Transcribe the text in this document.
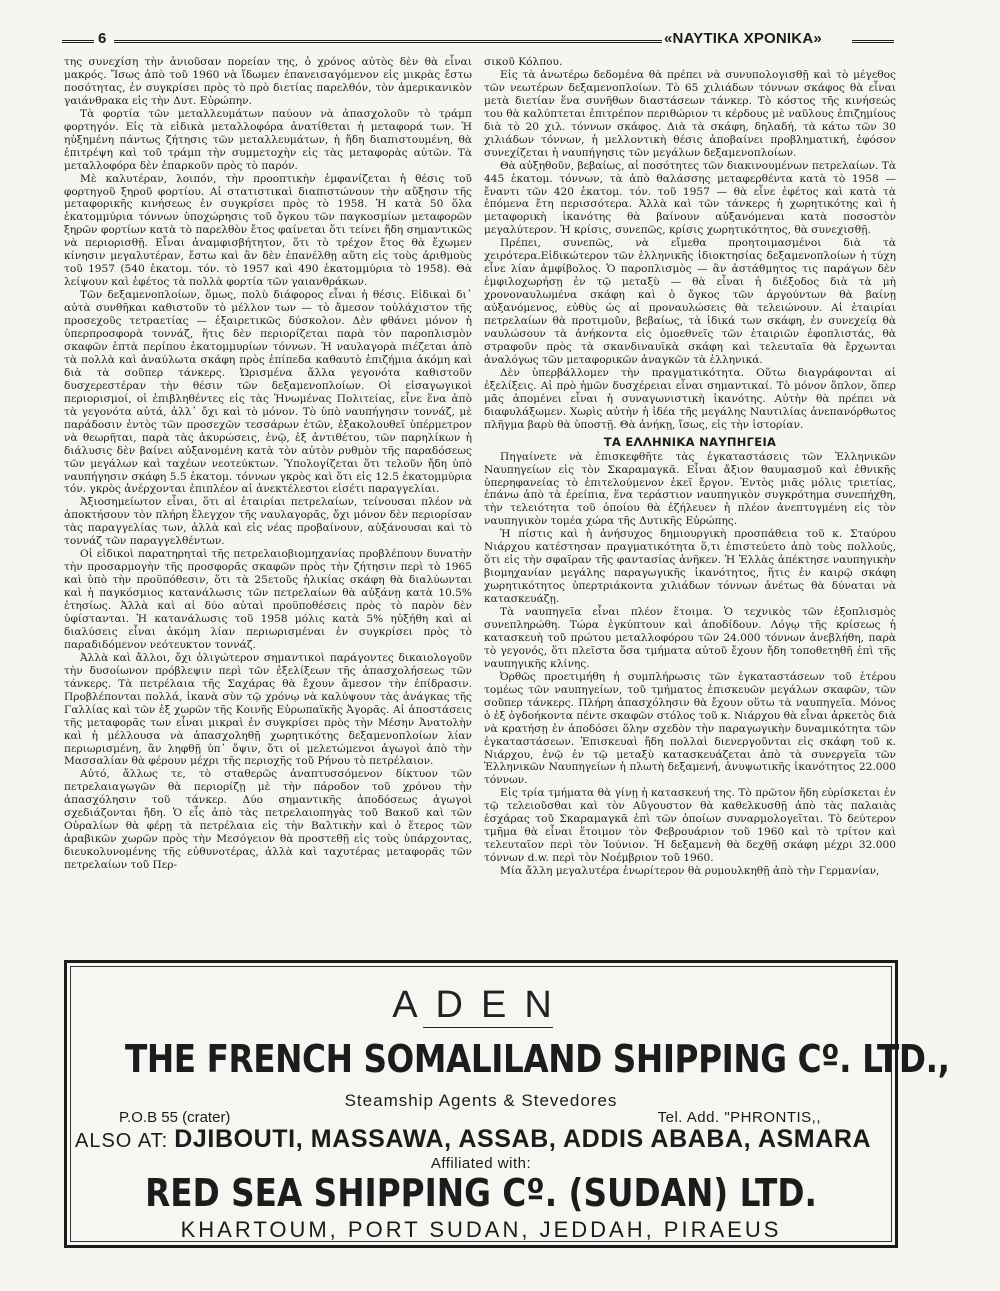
6	«ΝΑΥΤΙΚΑ ΧΡΟΝΙΚΑ»

της συνεχίση τὴν ἀνιοῦσαν πορείαν της, ὁ χρόνος αὐτὸς δὲν θὰ εἶναι μακρός. Ἴσως ἀπὸ τοῦ 1960 νὰ ἴδωμεν ἐπανεισαγόμενον εἰς μικρὰς ἔστω ποσότητας, ἐν συγκρίσει πρὸς τὸ πρὸ διετίας παρελθόν, τὸν ἀμερικανικὸν γαιάνθρακα εἰς τὴν Δυτ. Εὐρώπην.

Τὰ φορτία τῶν μεταλλευμάτων παύουν νὰ ἀπασχολοῦν τὸ τράμπ φορτηγόν. Εἰς τὰ εἰδικὰ μεταλλοφόρα ἀνατίθεται ἡ μεταφορά των. Ἡ ηὐξημένη πάντως ζήτησις τῶν μεταλλευμάτων, ἡ ἤδη διαπιστουμένη, θὰ ἐπιτρέψη καὶ τοῦ τράμπ τὴν συμμετοχὴν εἰς τὰς μεταφορὰς αὐτῶν. Τὰ μεταλλοφόρα δὲν ἐπαρκοῦν πρὸς τὸ παρόν.

Μὲ καλυτέραν, λοιπόν, τὴν προοπτικὴν ἐμφανίζεται ἡ θέσις τοῦ φορτηγοῦ ξηροῦ φορτίου. Αἱ στατιστικαὶ διαπιστώνουν τὴν αὔξησιν τῆς μεταφορικῆς κινήσεως ἐν συγκρίσει πρὸς τὸ 1958. Ἡ κατὰ 50 ὅλα ἑκατομμύρια τόννων ὑποχώρησις τοῦ ὄγκου τῶν παγκοσμίων μεταφορῶν ξηρῶν φορτίων κατὰ τὸ παρελθὸν ἔτος φαίνεται ὅτι τείνει ἤδη σημαντικῶς νὰ περιορισθῇ. Εἶναι ἀναμφισβήτητον, ὅτι τὸ τρέχον ἔτος θὰ ἔχωμεν κίνησιν μεγαλυτέραν, ἔστω καὶ ἂν δὲν ἐπανέλθῃ αὕτη εἰς τοὺς ἀριθμοὺς τοῦ 1957 (540 ἑκατομ. τόν. τὸ 1957 καὶ 490 ἑκατομμύρια τὸ 1958). Θὰ λείψουν καὶ ἐφέτος τὰ πολλὰ φορτία τῶν γαιανθράκων.

Τῶν δεξαμενοπλοίων, ὅμως, πολὺ διάφορος εἶναι ἡ θέσις. Εἰδικαὶ δι᾿ αὐτὰ συνθῆκαι καθιστοῦν τὸ μέλλον των — τὸ ἄμεσον τοὐλάχιστον τῆς προσεχοῦς τετραετίας — ἐξαιρετικῶς δύσκολον. Δὲν φθάνει μόνον ἡ ὑπερπροσφορὰ τοννάζ, ἥτις δὲν περιορίζεται παρὰ τὸν παροπλισμὸν σκαφῶν ἑπτὰ περίπου ἑκατομμυρίων τόννων. Ἡ ναυλαγορὰ πιέζεται ἀπὸ τὰ πολλὰ καὶ ἀναύλωτα σκάφη πρὸς ἐπίπεδα καθαυτὸ ἐπιζήμια ἀκόμη καὶ διὰ τὰ σοῦπερ τάνκερς. Ὡρισμένα ἄλλα γεγονότα καθιστοῦν δυσχερεστέραν τὴν θέσιν τῶν δεξαμενοπλοίων. Οἱ εἰσαγωγικοὶ περιορισμοί, οἱ ἐπιβληθέντες εἰς τὰς Ἡνωμένας Πολιτείας, εἶνε ἕνα ἀπὸ τὰ γεγονότα αὐτά, ἀλλ᾿ ὄχι καὶ τὸ μόνον. Τὸ ὑπὸ ναυπήγησιν τοννάζ, μὲ παράδοσιν ἐντὸς τῶν προσεχῶν τεσσάρων ἐτῶν, ἐξακολουθεῖ ὑπέρμετρον νὰ θεωρῆται, παρὰ τὰς ἀκυρώσεις, ἐνῷ, ἐξ ἀντιθέτου, τῶν παρηλίκων ἡ διάλυσις δὲν βαίνει αὐξανομένη κατὰ τὸν αὐτὸν ρυθμὸν τῆς παραδόσεως τῶν μεγάλων καὶ ταχέων νεοτεύκτων. Ὑπολογίζεται ὅτι τελοῦν ἤδη ὑπὸ ναυπήγησιν σκάφη 5.5 ἑκατομ. τόννων γκρὸς καὶ ὅτι εἰς 12.5 ἑκατομμύρια τόν. γκρὸς ἀνέρχονται ἐπιπλέον αἱ ἀνεκτέλεστοι εἰσέτι παραγγελίαι.

Ἀξιοσημείωτον εἶναι, ὅτι αἱ ἑταιρίαι πετρελαίων, τείνουσαι πλέον νὰ ἀποκτήσουν τὸν πλήρη ἔλεγχον τῆς ναυλαγορᾶς, ὄχι μόνον δὲν περιορίσαν τὰς παραγγελίας των, ἀλλὰ καὶ εἰς νέας προβαίνουν, αὐξάνουσαι καὶ τὸ τοννάζ τῶν παραγγελθέντων.

Οἱ εἰδικοὶ παρατηρηταὶ τῆς πετρελαιοβιομηχανίας προβλέπουν δυνατὴν τὴν προσαρμογὴν τῆς προσφορᾶς σκαφῶν πρὸς τὴν ζήτησιν περὶ τὸ 1965 καὶ ὑπὸ τὴν προϋπόθεσιν, ὅτι τὰ 25ετοῦς ἡλικίας σκάφη θὰ διαλύωνται καὶ ἡ παγκόσμιος κατανάλωσις τῶν πετρελαίων θὰ αὐξάνῃ κατὰ 10.5% ἐτησίως. Ἀλλὰ καὶ αἱ δύο αὐταὶ προϋποθέσεις πρὸς τὸ παρὸν δὲν ὑφίστανται. Ἡ κατανάλωσις τοῦ 1958 μόλις κατὰ 5% ηὐξήθη καὶ αἱ διαλύσεις εἶναι ἀκόμη λίαν περιωρισμέναι ἐν συγκρίσει πρὸς τὸ παραδιδόμενον νεότευκτον τοννάζ.

Ἀλλὰ καὶ ἄλλοι, ὄχι ὀλιγώτερον σημαντικοὶ παράγοντες δικαιολογοῦν τὴν δυσοίωνον πρόβλεψιν περὶ τῶν ἐξελίξεων τῆς ἀπασχολήσεως τῶν τάνκερς. Τὰ πετρέλαια τῆς Σαχάρας θὰ ἔχουν ἄμεσον τὴν ἐπίδρασιν. Προβλέπονται πολλά, ἱκανὰ σὺν τῷ χρόνῳ νὰ καλύψουν τὰς ἀνάγκας τῆς Γαλλίας καὶ τῶν ἐξ χωρῶν τῆς Κοινῆς Εὐρωπαϊκῆς Ἀγορᾶς. Αἱ ἀποστάσεις τῆς μεταφορᾶς των εἶναι μικραὶ ἐν συγκρίσει πρὸς τὴν Μέσην Ἀνατολὴν καὶ ἡ μέλλουσα νὰ ἀπασχοληθῇ χωρητικότης δεξαμενοπλοίων λίαν περιωρισμένη, ἂν ληφθῇ ὑπ᾿ ὄψιν, ὅτι οἱ μελετώμενοι ἀγωγοὶ ἀπὸ τὴν Μασσαλίαν θὰ φέρουν μέχρι τῆς περιοχῆς τοῦ Ρήνου τὸ πετρέλαιον.

Αὐτό, ἄλλως τε, τὸ σταθερῶς ἀναπτυσσόμενον δίκτυον τῶν πετρελαιαγωγῶν θὰ περιορίζῃ μὲ τὴν πάροδον τοῦ χρόνου τὴν ἀπασχόλησιν τοῦ τάνκερ. Δύο σημαντικῆς ἀποδόσεως ἀγωγοὶ σχεδιάζονται ἤδη. Ὁ εἷς ἀπὸ τὰς πετρελαιοπηγὰς τοῦ Βακοῦ καὶ τῶν Οὐραλίων θὰ φέρῃ τὰ πετρέλαια εἰς τὴν Βαλτικὴν καὶ ὁ ἕτερος τῶν ἀραβικῶν χωρῶν πρὸς τὴν Μεσόγειον θὰ προστεθῇ εἰς τοὺς ὑπάρχοντας, διευκολυνομένης τῆς εὐθυνοτέρας, ἀλλὰ καὶ ταχυτέρας μεταφορᾶς τῶν πετρελαίων τοῦ Περ-

σικοῦ Κόλπου.

Εἰς τὰ ἀνωτέρω δεδομένα θὰ πρέπει νὰ συνυπολογισθῇ καὶ τὸ μέγεθος τῶν νεωτέρων δεξαμενοπλοίων. Τὸ 65 χιλιάδων τόννων σκάφος θὰ εἶναι μετὰ διετίαν ἕνα συνῆθων διαστάσεων τάνκερ. Τὸ κόστος τῆς κινήσεώς του θὰ καλύπτεται ἐπιτρέπον περιθώριον τι κέρδους μὲ ναῦλους ἐπιζημίους διὰ τὸ 20 χιλ. τόννων σκάφος. Διὰ τὰ σκάφη, δηλαδή, τὰ κάτω τῶν 30 χιλιάδων τόννων, ἡ μελλοντικὴ θέσις ἀποβαίνει προβληματική, ἐφόσον συνεχίζεται ἡ ναυπήγησις τῶν μεγάλων δεξαμενοπλοίων.

Θὰ αὐξηθοῦν, βεβαίως, αἱ ποσότητες τῶν διακινουμένων πετρελαίων. Τὰ 445 ἑκατομ. τόννων, τὰ ἀπὸ θαλάσσης μεταφερθέντα κατὰ τὸ 1958 — ἔναντι τῶν 420 ἑκατομ. τόν. τοῦ 1957 — θὰ εἶνε ἐφέτος καὶ κατὰ τὰ ἐπόμενα ἔτη περισσότερα. Ἀλλὰ καὶ τῶν τάνκερς ἡ χωρητικότης καὶ ἡ μεταφορικὴ ἱκανότης θὰ βαίνουν αὐξανόμεναι κατὰ ποσοστὸν μεγαλύτερον. Ἡ κρίσις, συνεπῶς, κρίσις χωρητικότητος, θὰ συνεχισθῇ.

Πρέπει, συνεπῶς, νὰ εἴμεθα προητοιμασμένοι διὰ τὰ χειρότερα.Εἰδικώτερον τῶν ἑλληνικῆς ἰδιοκτησίας δεξαμενοπλοίων ἡ τύχη εἶνε λίαν ἀμφίβολος. Ὁ παροπλισμὸς — ἂν ἀστάθμητος τις παράγων δὲν ἐμφιλοχωρήσῃ ἐν τῷ μεταξὺ — θὰ εἶναι ἡ διέξοδος διὰ τὰ μὴ χρονοναυλωμένα σκάφη καὶ ὁ ὄγκος τῶν ἀργούντων θὰ βαίνῃ αὐξανόμενος, εὐθὺς ὡς αἱ προναυλώσεις θὰ τελειώνουν. Αἱ ἑταιρίαι πετρελαίων θὰ προτιμοῦν, βεβαίως, τὰ ἰδικά των σκάφη, ἐν συνεχείᾳ θὰ ναυλώσουν τὰ ἀνήκοντα εἰς ὁμοεθνεῖς τῶν ἑταιριῶν ἐφοπλιστάς, θὰ στραφοῦν πρὸς τὰ σκανδιναυϊκὰ σκάφη καὶ τελευταῖα θὰ ἔρχωνται ἀναλόγως τῶν μεταφορικῶν ἀναγκῶν τὰ ἑλληνικά.

Δὲν ὑπερβάλλομεν τὴν πραγματικότητα. Οὕτω διαγράφονται αἱ ἐξελίξεις. Αἱ πρὸ ἡμῶν δυσχέρειαι εἶναι σημαντικαί. Τὸ μόνον ὅπλον, ὅπερ μᾶς ἀπομένει εἶναι ἡ συναγωνιστικὴ ἱκανότης. Αὐτὴν θὰ πρέπει νὰ διαφυλάξωμεν. Χωρὶς αὐτὴν ἡ ἰδέα τῆς μεγάλης Ναυτιλίας ἀνεπανόρθωτος πλῆγμα βαρὺ θὰ ὑποστῇ. Θὰ ἀνήκῃ, ἴσως, εἰς τὴν ἱστορίαν.

ΤΑ ΕΛΛΗΝΙΚΑ ΝΑΥΠΗΓΕΙΑ

Πηγαίνετε νὰ ἐπισκεφθῆτε τὰς ἐγκαταστάσεις τῶν Ἑλληνικῶν Ναυπηγείων εἰς τὸν Σκαραμαγκᾶ. Εἶναι ἄξιον θαυμασμοῦ καὶ ἐθνικῆς ὑπερηφανείας τὸ ἐπιτελούμενον ἐκεῖ ἔργον. Ἐντὸς μιᾶς μόλις τριετίας, ἐπάνω ἀπὸ τὰ ἐρείπια, ἕνα τεράστιον ναυπηγικὸν συγκρότημα συνεπήχθη, τὴν τελειότητα τοῦ ὁποίου θὰ ἐζήλευεν ἡ πλέον ἀνεπτυγμένη εἰς τὸν ναυπηγικὸν τομέα χώρα τῆς Δυτικῆς Εὐρώπης.

Ἡ πίστις καὶ ἡ ἀνήσυχος δημιουργικὴ προσπάθεια τοῦ κ. Σταύρου Νιάρχου κατέστησαν πραγματικότητα ὅ,τι ἐπιστεύετο ἀπὸ τοὺς πολλούς, ὅτι εἰς τὴν σφαῖραν τῆς φαντασίας ἀνῆκεν. Ἡ Ἑλλὰς ἀπέκτησε ναυπηγικὴν βιομηχανίαν μεγάλης παραγωγικῆς ἱκανότητος, ἥτις ἐν καιρῷ σκάφη χωρητικότητος ὑπερτριάκοντα χιλιάδων τόννων ἀνέτως θὰ δύναται νὰ κατασκευάζῃ.

Τὰ ναυπηγεῖα εἶναι πλέον ἕτοιμα. Ὁ τεχνικὸς τῶν ἐξοπλισμὸς συνεπληρώθη. Τώρα ἐγκύπτουν καὶ ἀποδίδουν. Λόγῳ τῆς κρίσεως ἡ κατασκευὴ τοῦ πρώτου μεταλλοφόρου τῶν 24.000 τόννων ἀνεβλήθη, παρὰ τὸ γεγονός, ὅτι πλεῖστα ὅσα τμήματα αὐτοῦ ἔχουν ἤδη τοποθετηθῆ ἐπὶ τῆς ναυπηγικῆς κλίνης.

Ὀρθῶς προετιμήθη ἡ συμπλήρωσις τῶν ἐγκαταστάσεων τοῦ ἑτέρου τομέως τῶν ναυπηγείων, τοῦ τμήματος ἐπισκευῶν μεγάλων σκαφῶν, τῶν σοῦπερ τάνκερς. Πλήρη ἀπασχόλησιν θὰ ἔχουν οὕτω τὰ ναυπηγεῖα. Μόνος ὁ ἐξ ὀγδοήκοντα πέντε σκαφῶν στόλος τοῦ κ. Νιάρχου θὰ εἶναι ἀρκετὸς διὰ νὰ κρατήσῃ ἐν ἀποδόσει ὅλην σχεδὸν τὴν παραγωγικὴν δυναμικότητα τῶν ἐγκαταστάσεων. Ἐπισκευαὶ ἤδη πολλαὶ διενεργοῦνται εἰς σκάφη τοῦ κ. Νιάρχου, ἐνῷ ἐν τῷ μεταξὺ κατασκευάζεται ἀπὸ τὰ συνεργεῖα τῶν Ἑλληνικῶν Ναυπηγείων ἡ πλωτὴ δεξαμενή, ἀνυψωτικῆς ἱκανότητος 22.000 τόννων.

Εἰς τρία τμήματα θὰ γίνῃ ἡ κατασκευή της. Τὸ πρῶτον ἤδη εὑρίσκεται ἐν τῷ τελειοῦσθαι καὶ τὸν Αὔγουστον θὰ καθελκυσθῇ ἀπὸ τὰς παλαιὰς ἐσχάρας τοῦ Σκαραμαγκᾶ ἐπὶ τῶν ὁποίων συναρμολογεῖται. Τὸ δεύτερον τμῆμα θὰ εἶναι ἕτοιμον τὸν Φεβρουάριον τοῦ 1960 καὶ τὸ τρίτον καὶ τελευταῖον περὶ τὸν Ἰούνιον. Ἡ δεξαμενὴ θὰ δεχθῇ σκάφη μέχρι 32.000 τόννων d.w. περὶ τὸν Νοέμβριον τοῦ 1960.

Μία ἄλλη μεγαλυτέρα ἐνωρίτερον θὰ ρυμουλκηθῇ ἀπὸ τὴν Γερμανίαν,

ADEN
THE FRENCH SOMALILAND SHIPPING Cº. LTD.,
Steamship Agents & Stevedores
P.O.B 55 (crater)	Tel. Add. "PHRONTIS,,
ALSO AT: DJIBOUTI, MASSAWA, ASSAB, ADDIS ABABA, ASMARA
Affiliated with:
RED SEA SHIPPING Cº. (SUDAN) LTD.
KHARTOUM, PORT SUDAN, JEDDAH, PIRAEUS
